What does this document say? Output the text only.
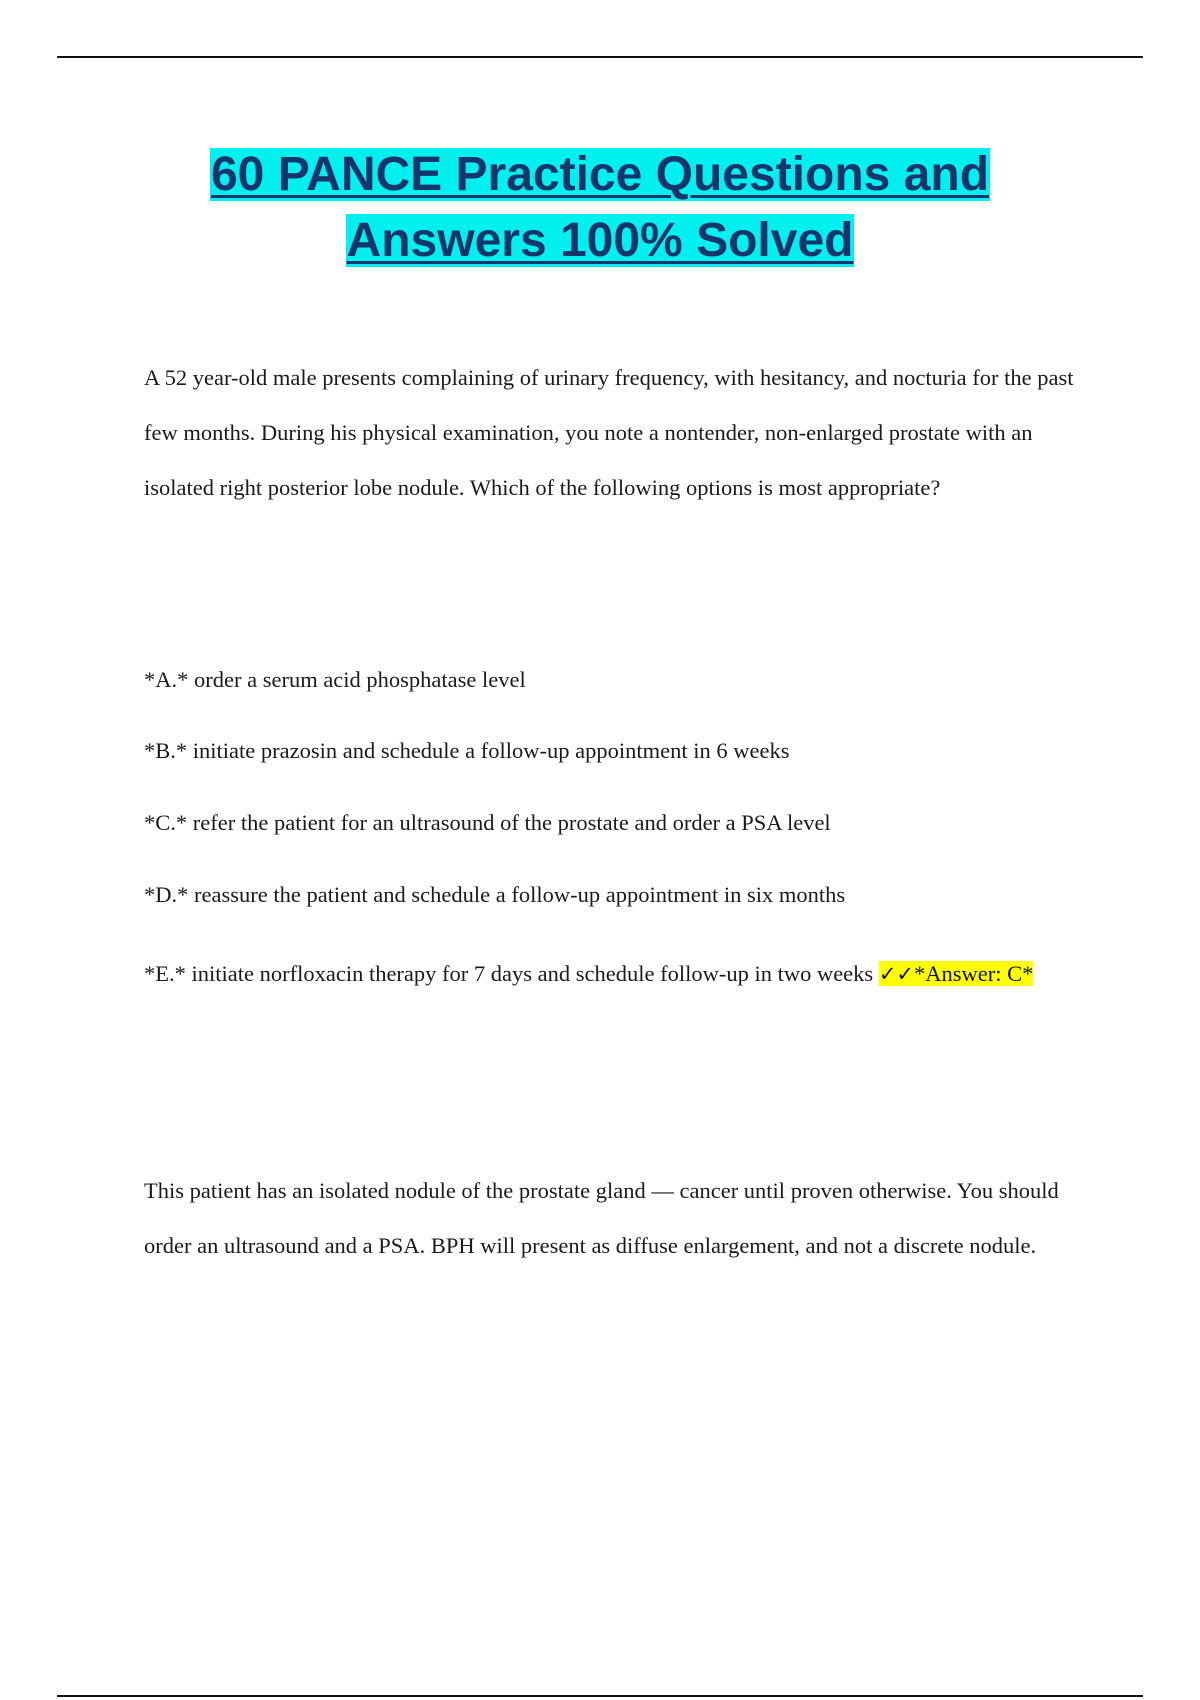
60 PANCE Practice Questions and
Answers 100% Solved
A 52 year-old male presents complaining of urinary frequency, with hesitancy, and nocturia for the past few months. During his physical examination, you note a nontender, non-enlarged prostate with an isolated right posterior lobe nodule. Which of the following options is most appropriate?
*A.* order a serum acid phosphatase level
*B.* initiate prazosin and schedule a follow-up appointment in 6 weeks
*C.* refer the patient for an ultrasound of the prostate and order a PSA level
*D.* reassure the patient and schedule a follow-up appointment in six months
*E.* initiate norfloxacin therapy for 7 days and schedule follow-up in two weeks ✓✓*Answer: C*
This patient has an isolated nodule of the prostate gland — cancer until proven otherwise. You should order an ultrasound and a PSA. BPH will present as diffuse enlargement, and not a discrete nodule.
